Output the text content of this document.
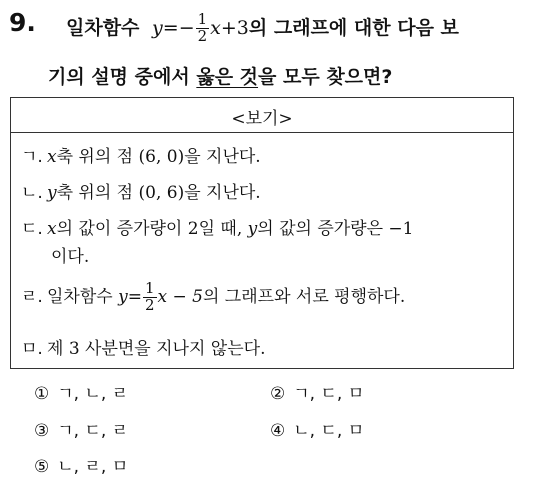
9. 일차함수 $y=- \frac{1}{2} x+3$의 그래프에 대한 다음 보
기의 설명 중에서 옳은 것을 모두 찾으면?
<보기>
ㄱ. x축 위의 점 (6, 0)을 지난다.
ㄴ. y축 위의 점 (0, 6)을 지난다.
ㄷ. x의 값이 증가량이 2일 때, y의 값의 증가량은 −1
이다.
ㄹ. 일차함수 $y= \frac{1}{2}$ x − 5의 그래프와 서로 평행하다.
ㅁ. 제 3 사분면을 지나지 않는다.
① ㄱ, ㄴ, ㄹ	② ㄱ, ㄷ, ㅁ
③ ㄱ, ㄷ, ㄹ	④ ㄴ, ㄷ, ㅁ
⑤ ㄴ, ㄹ, ㅁ
